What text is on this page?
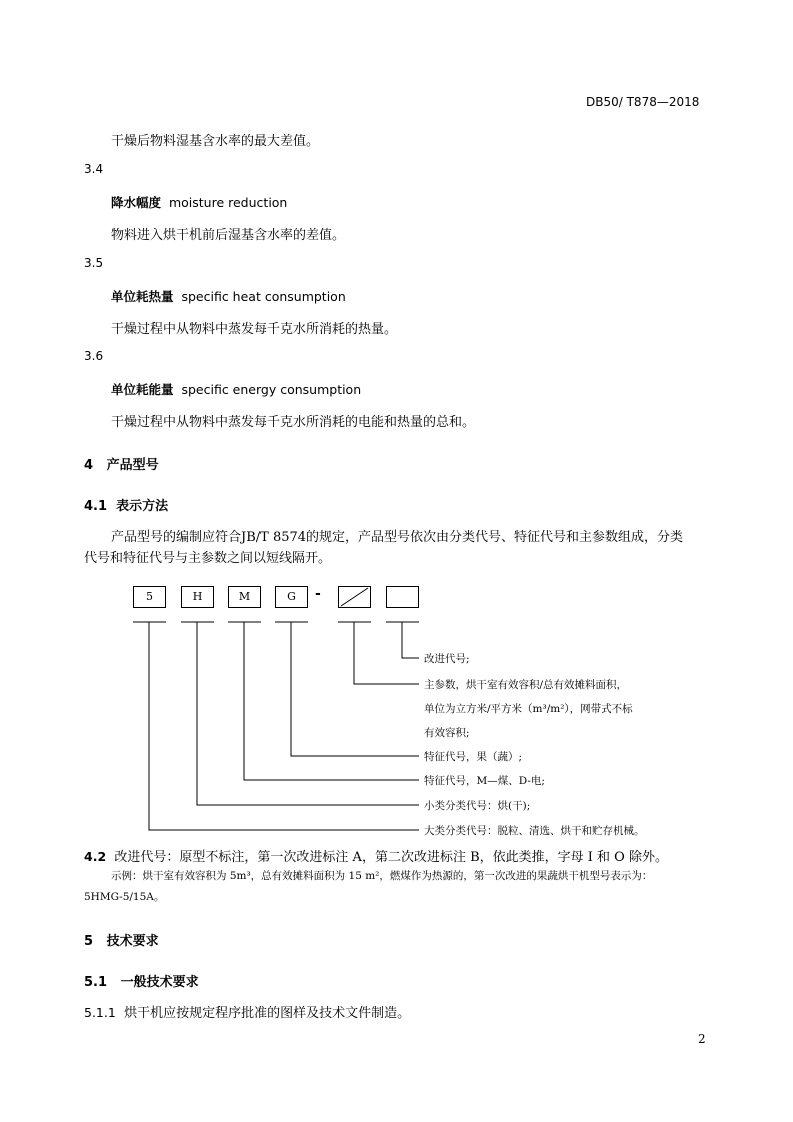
DB50/ T878—2018
干燥后物料湿基含水率的最大差值。
3.4
降水幅度 moisture reduction
物料进入烘干机前后湿基含水率的差值。
3.5
单位耗热量 specific heat consumption
干燥过程中从物料中蒸发每千克水所消耗的热量。
3.6
单位耗能量 specific energy consumption
干燥过程中从物料中蒸发每千克水所消耗的电能和热量的总和。
4 产品型号
4.1 表示方法
产品型号的编制应符合JB/T 8574的规定，产品型号依次由分类代号、特征代号和主参数组成，分类
代号和特征代号与主参数之间以短线隔开。
5	H	M	G	-
改进代号;
主参数，烘干室有效容积/总有效摊料面积，
单位为立方米/平方米（m³/m²），网带式不标
有效容积;
特征代号，果（蔬）;
特征代号，M—煤、D-电;
小类分类代号：烘(干);
大类分类代号：脱粒、清选、烘干和贮存机械。
4.2 改进代号：原型不标注，第一次改进标注 A，第二次改进标注 B，依此类推，字母 I 和 O 除外。
示例：烘干室有效容积为 5m³，总有效摊料面积为 15 m²，燃煤作为热源的，第一次改进的果蔬烘干机型号表示为：
5HMG-5/15A。
5 技术要求
5.1 一般技术要求
5.1.1 烘干机应按规定程序批准的图样及技术文件制造。
2
